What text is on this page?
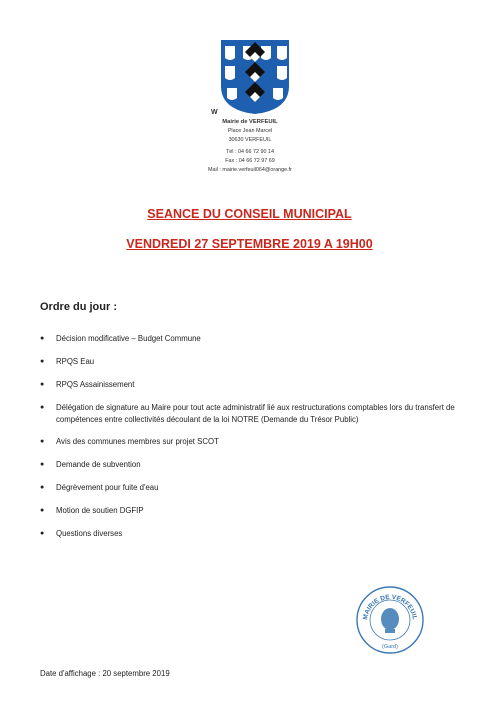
W
Mairie de VERFEUIL
Place Jean Marcel
30630 VERFEUIL
Tél : 04 66 72 90 14
Fax : 04 66 72 97 69
Mail : mairie.verfeuil064@orange.fr
SEANCE DU CONSEIL MUNICIPAL
VENDREDI 27 SEPTEMBRE 2019 A 19H00
Ordre du jour :
● Décision modificative – Budget Commune
● RPQS Eau
● RPQS Assainissement
● Délégation de signature au Maire pour tout acte administratif lié aux restructurations comptables lors du transfert de compétences entre collectivités découlant de la loi NOTRE (Demande du Trésor Public)
● Avis des communes membres sur projet SCOT
● Demande de subvention
● Dégrèvement pour fuite d'eau
● Motion de soutien DGFIP
● Questions diverses
MAIRIE DE VERFEUIL
(Gard)
Date d'affichage : 20 septembre 2019
